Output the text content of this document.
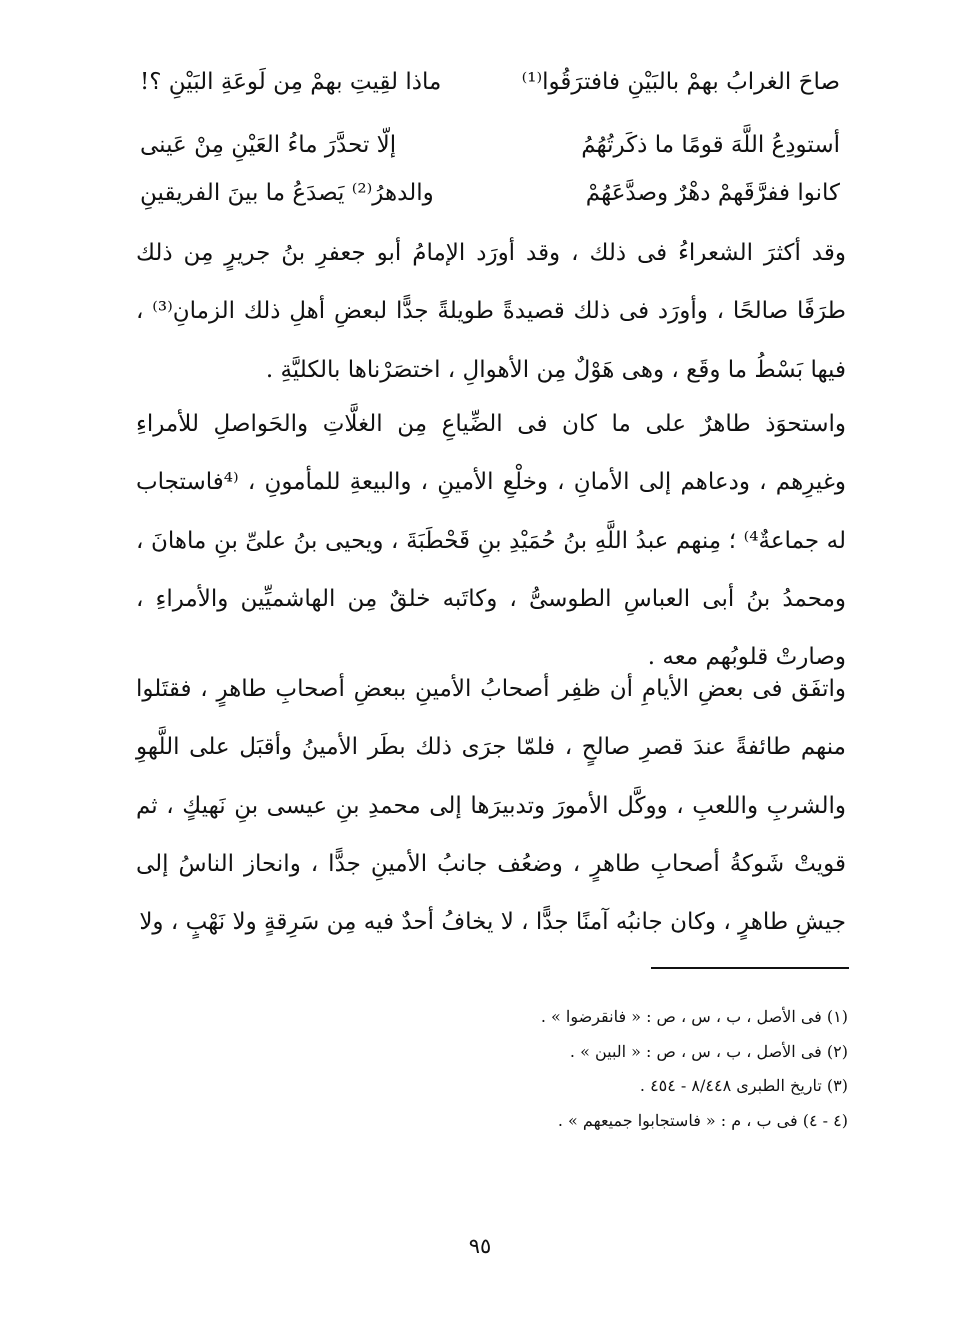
صاحَ الغرابُ بهمْ بالبَيْنِ فافترَقُوا⁽¹⁾
ماذا لقِيتِ بهمْ مِن لَوعَةِ البَيْنِ ؟!
أستودِعُ اللَّهَ قومًا ما ذكَرتُهُمُ
إلّا تحدَّرَ ماءُ العَيْنِ مِنْ عَينى
كانوا ففرَّقَهمْ دهْرٌ وصدَّعَهُمْ
والدهرُ⁽²⁾ يَصدَعُ ما بينَ الفريقينِ

وقد أكثرَ الشعراءُ فى ذلك ، وقد أورَد الإمامُ أبو جعفرِ بنُ جريرٍ مِن ذلك طرَفًا صالحًا ، وأورَد فى ذلك قصيدةً طويلةً جدًّا لبعضِ أهلِ ذلك الزمانِ⁽³⁾ ، فيها بَسْطُ ما وقَع ، وهى هَوْلٌ مِن الأهوالِ ، اختصَرْناها بالكليَّةِ .

واستحوَذ طاهرٌ على ما كان فى الضِّياعِ مِن الغلَّاتِ والحَواصلِ للأمراءِ وغيرِهم ، ودعاهم إلى الأمانِ ، وخلْعِ الأمينِ ، والبيعةِ للمأمونِ ، ⁽⁴فاستجاب له جماعةٌ⁴⁾ ؛ مِنهم عبدُ اللَّهِ بنُ حُمَيْدِ بنِ قَحْطَبَةَ ، ويحيى بنُ علىِّ بنِ ماهانَ ، ومحمدُ بنُ أبى العباسِ الطوسىُّ ، وكاتَبه خلقٌ مِن الهاشميِّين والأمراءِ ، وصارتْ قلوبُهم معه .

واتفَق فى بعضِ الأيامِ أن ظفِر أصحابُ الأمينِ ببعضِ أصحابِ طاهرٍ ، فقتَلوا منهم طائفةً عندَ قصرِ صالحٍ ، فلمّا جرَى ذلك بطَر الأمينُ وأقبَل على اللَّهوِ والشربِ واللعبِ ، ووكَّل الأمورَ وتدبيرَها إلى محمدِ بنِ عيسى بنِ نَهيكٍ ، ثم قويتْ شَوكةُ أصحابِ طاهرٍ ، وضعُف جانبُ الأمينِ جدًّا ، وانحاز الناسُ إلى جيشِ طاهرٍ ، وكان جانبُه آمنًا جدًّا ، لا يخافُ أحدٌ فيه مِن سَرِقةٍ ولا نَهْبٍ ، ولا

(١) فى الأصل ، ب ، س ، ص : « فانقرضوا » .
(٢) فى الأصل ، ب ، س ، ص : « البين » .
(٣) تاريخ الطبرى ٨/٤٤٨ - ٤٥٤ .
(٤ - ٤) فى ب ، م : « فاستجابوا جميعهم » .
٩٥
